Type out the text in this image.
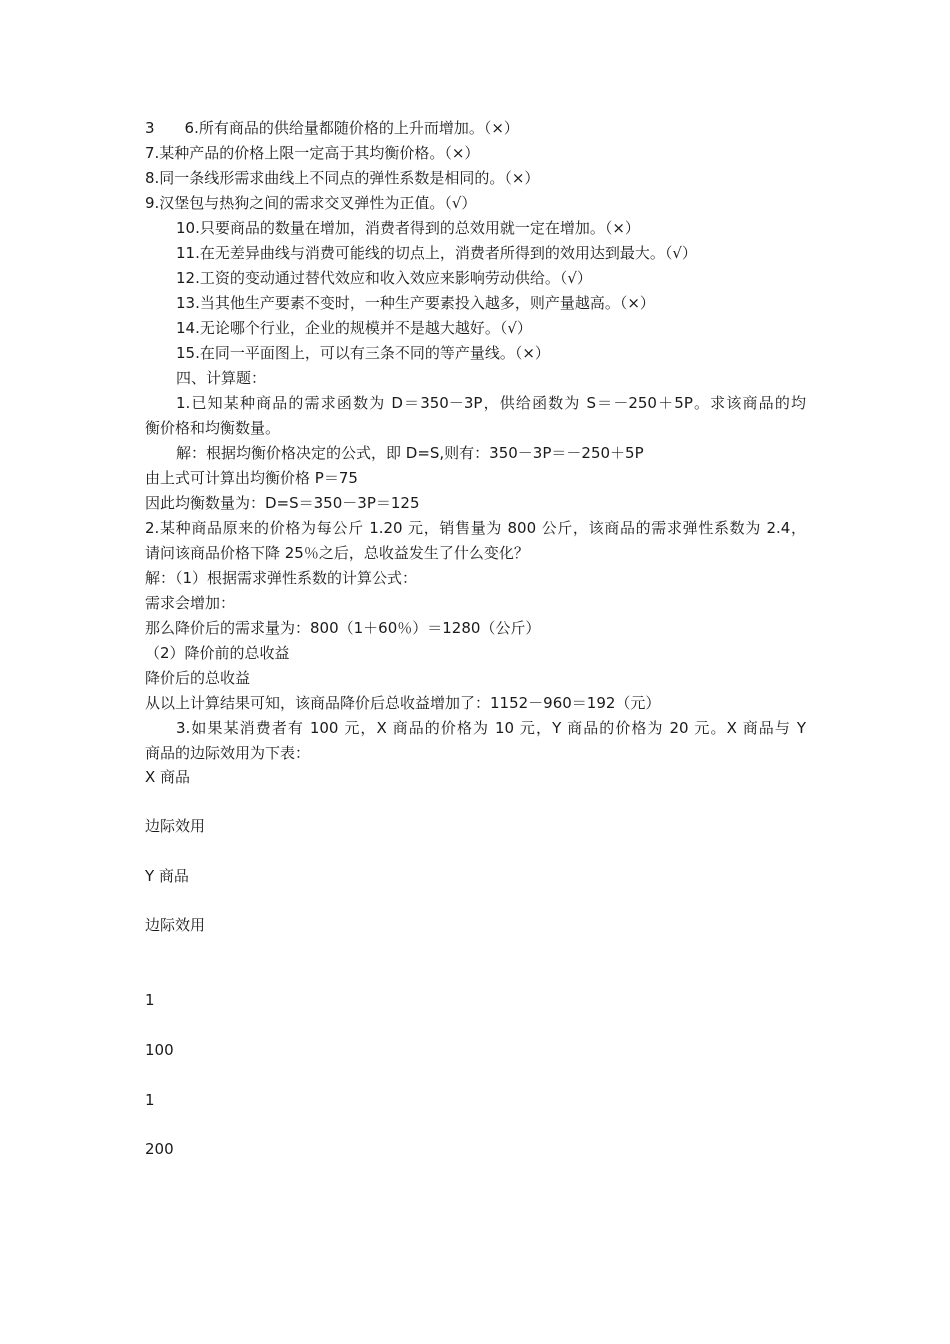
3 6.所有商品的供给量都随价格的上升而增加。（×）
7.某种产品的价格上限一定高于其均衡价格。（×）
8.同一条线形需求曲线上不同点的弹性系数是相同的。（×）
9.汉堡包与热狗之间的需求交叉弹性为正值。（√）
10.只要商品的数量在增加，消费者得到的总效用就一定在增加。（×）
11.在无差异曲线与消费可能线的切点上，消费者所得到的效用达到最大。（√）
12.工资的变动通过替代效应和收入效应来影响劳动供给。（√）
13.当其他生产要素不变时，一种生产要素投入越多，则产量越高。（×）
14.无论哪个行业，企业的规模并不是越大越好。（√）
15.在同一平面图上，可以有三条不同的等产量线。（×）
四、计算题：
1.已知某种商品的需求函数为 D＝350－3P，供给函数为 S＝－250＋5P。求该商品的均
衡价格和均衡数量。
解：根据均衡价格决定的公式，即 D=S,则有：350－3P＝－250＋5P
由上式可计算出均衡价格 P＝75
因此均衡数量为：D=S＝350－3P＝125
2.某种商品原来的价格为每公斤 1.20 元，销售量为 800 公斤，该商品的需求弹性系数为 2.4，
请问该商品价格下降 25％之后，总收益发生了什么变化？
解：（1）根据需求弹性系数的计算公式：
需求会增加：
那么降价后的需求量为：800（1＋60％）＝1280（公斤）
（2）降价前的总收益
降价后的总收益
从以上计算结果可知，该商品降价后总收益增加了：1152－960＝192（元）
3.如果某消费者有 100 元，X 商品的价格为 10 元，Y 商品的价格为 20 元。X 商品与 Y
商品的边际效用为下表：
X 商品
边际效用
Y 商品
边际效用
1
100
1
200
